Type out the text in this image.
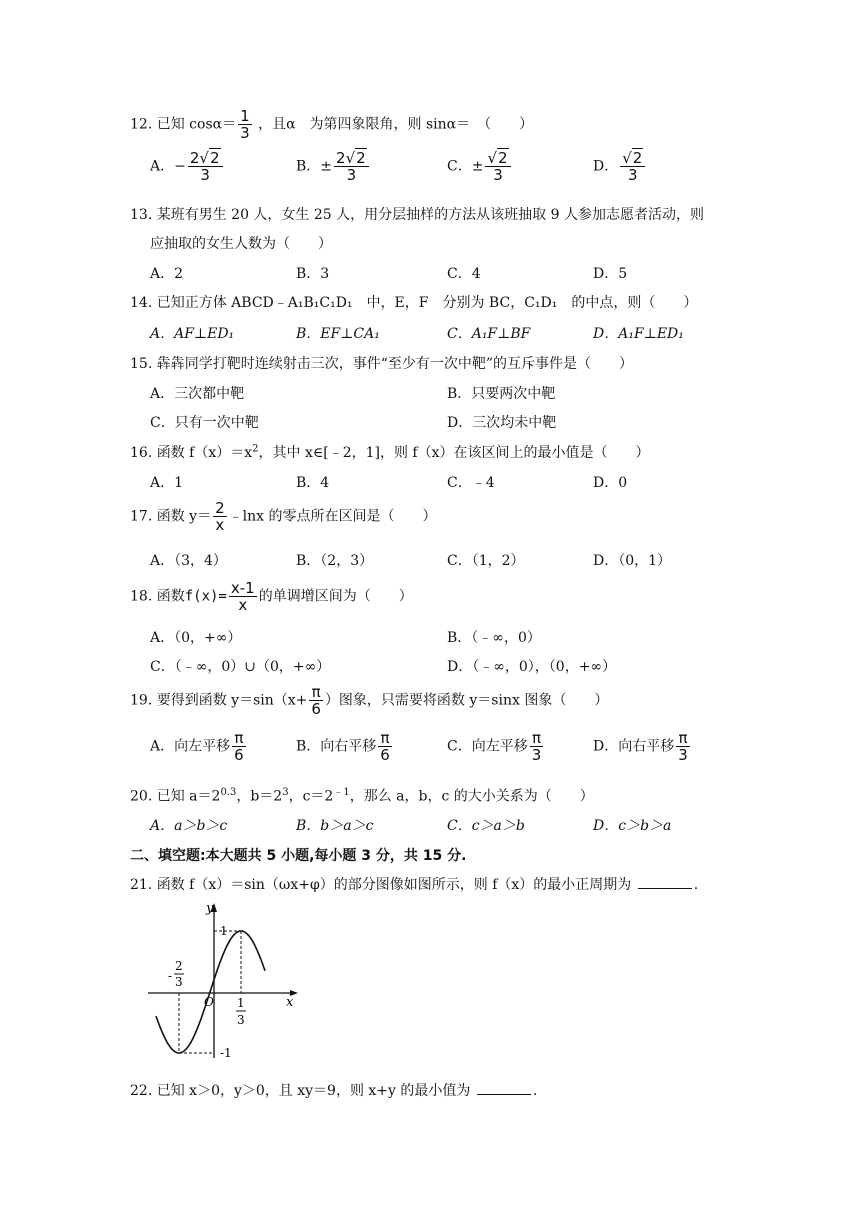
12. 已知 $\cos\alpha= \frac{1}{3}$ ，且α　为第四象限角，则 sinα＝　（　　）
A．− $\frac{2√2}{3}$	B．± $\frac{2√2}{3}$	C．± $\frac{√2}{3}$	D． $\frac{√2}{3}$
13. 某班有男生 20 人，女生 25 人，用分层抽样的方法从该班抽取 9 人参加志愿者活动，则
应抽取的女生人数为（　　）
A．2	B．3	C．4	D．5
14. 已知正方体 ABCD﹣A₁B₁C₁D₁　中，E，F　分别为 BC，C₁D₁　的中点，则（　　）
A．AF⊥ED₁	B．EF⊥CA₁	C．A₁F⊥BF	D．A₁F⊥ED₁
15. 犇犇同学打靶时连续射击三次，事件“至少有一次中靶”的互斥事件是（　　）
A．三次都中靶	B．只要两次中靶
C．只有一次中靶	D．三次均未中靶
16. 函数 $f(x)=x^2$，其中 x∈[﹣2，1]，则 f（x）在该区间上的最小值是（　　）
A．1	B．4	C．﹣4	D．0
17. 函数 $y= \frac{2}{x}$ ﹣lnx 的零点所在区间是（　　）
A．（3，4）	B．（2，3）	C．（1，2）	D．（0，1）
18. 函数$f(x)= \frac{x-1}{x}$ 的单调增区间为（　　）
A．（0，+∞）	B．（﹣∞，0）
C．（﹣∞，0）∪（0，+∞）	D．（﹣∞，0），（0，+∞）
19. 要得到函数 $y=\sin(x+ \frac{\pi}{6}$ ）图象，只需要将函数 y＝sinx 图象（　　）
A．向左平移 $\frac{\pi}{6}$	B．向右平移 $\frac{\pi}{6}$	C．向左平移 $\frac{\pi}{3}$	D．向右平移 $\frac{\pi}{3}$
20. 已知 $a=2^{0.3}$，$b=2^3$，$c=2^{﹣1}$，那么 a，b，c 的大小关系为（　　）
A．a＞b＞c	B．b＞a＞c	C．c＞a＞b	D．c＞b＞a
二、填空题:本大题共 5 小题,每小题 3 分，共 15 分.
21. 函数 f（x）＝sin（ωx+φ）的部分图像如图所示，则 f（x）的最小正周期为	.
y
x
O
1
-1
-
2
3
1
3
22. 已知 x＞0，y＞0，且 xy＝9，则 x+y 的最小值为	.
